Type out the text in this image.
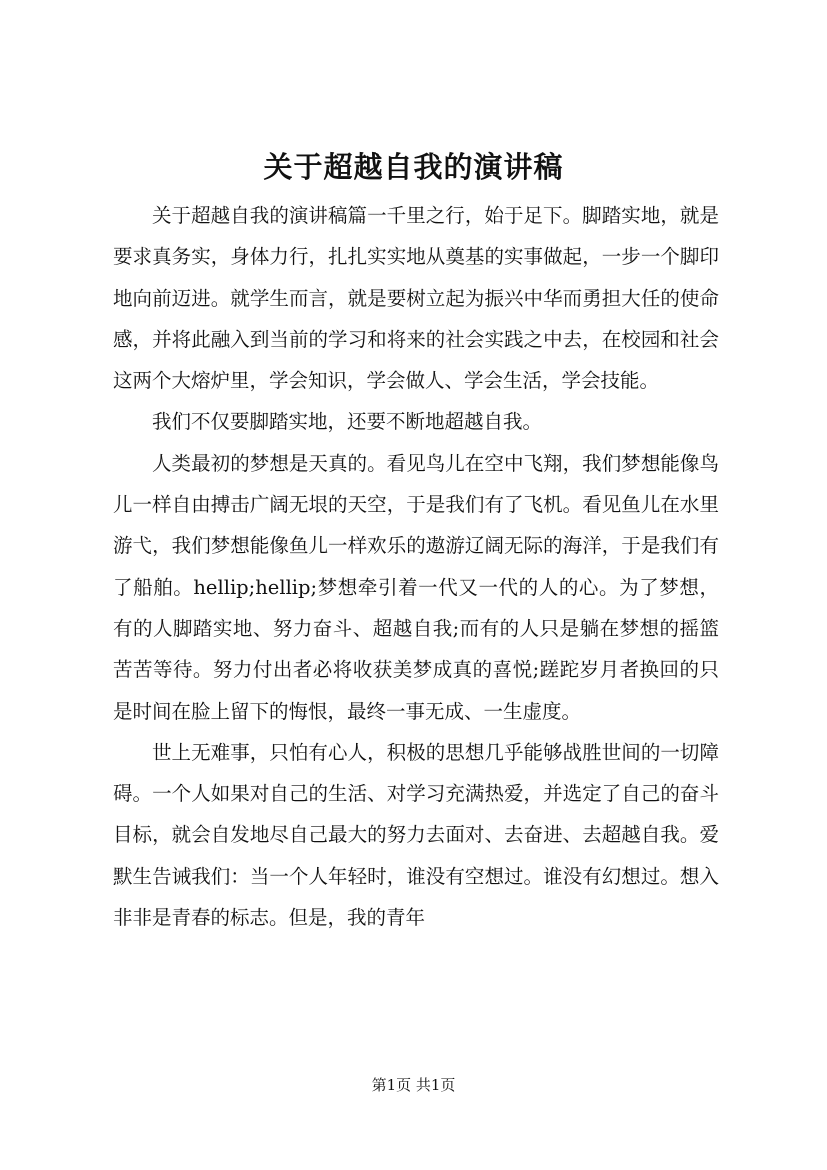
关于超越自我的演讲稿

关于超越自我的演讲稿篇一千里之行，始于足下。脚踏实地，就是要求真务实，身体力行，扎扎实实地从奠基的实事做起，一步一个脚印地向前迈进。就学生而言，就是要树立起为振兴中华而勇担大任的使命感，并将此融入到当前的学习和将来的社会实践之中去，在校园和社会这两个大熔炉里，学会知识，学会做人、学会生活，学会技能。

我们不仅要脚踏实地，还要不断地超越自我。

人类最初的梦想是天真的。看见鸟儿在空中飞翔，我们梦想能像鸟儿一样自由搏击广阔无垠的天空，于是我们有了飞机。看见鱼儿在水里游弋，我们梦想能像鱼儿一样欢乐的遨游辽阔无际的海洋，于是我们有了船舶。hellip;hellip;梦想牵引着一代又一代的人的心。为了梦想，有的人脚踏实地、努力奋斗、超越自我;而有的人只是躺在梦想的摇篮苦苦等待。努力付出者必将收获美梦成真的喜悦;蹉跎岁月者换回的只是时间在脸上留下的悔恨，最终一事无成、一生虚度。

世上无难事，只怕有心人，积极的思想几乎能够战胜世间的一切障碍。一个人如果对自己的生活、对学习充满热爱，并选定了自己的奋斗目标，就会自发地尽自己最大的努力去面对、去奋进、去超越自我。爱默生告诫我们：当一个人年轻时，谁没有空想过。谁没有幻想过。想入非非是青春的标志。但是，我的青年

第1页 共1页
